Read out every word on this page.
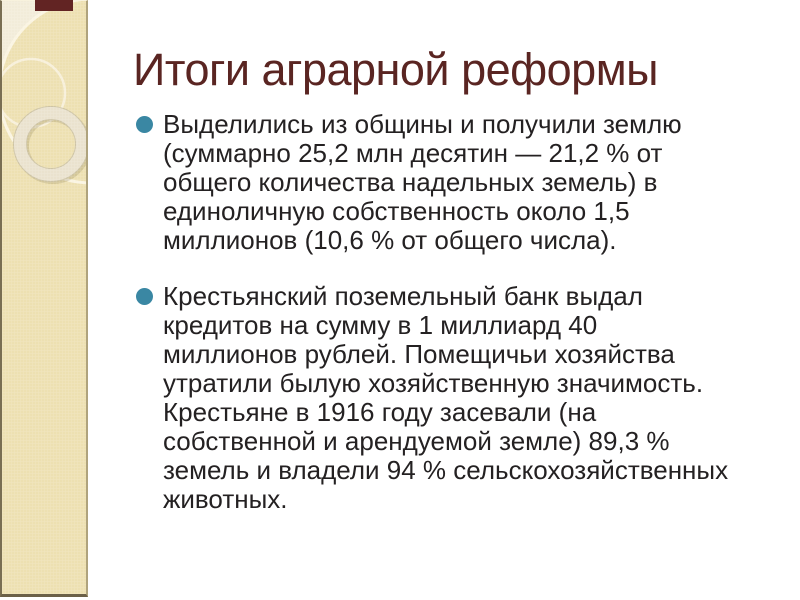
Итоги аграрной реформы
Выделились из общины и получили землю
(суммарно 25,2 млн десятин — 21,2 % от
общего количества надельных земель) в
единоличную собственность около 1,5
миллионов (10,6 % от общего числа).
Крестьянский поземельный банк выдал
кредитов на сумму в 1 миллиард 40
миллионов рублей. Помещичьи хозяйства
утратили былую хозяйственную значимость.
Крестьяне в 1916 году засевали (на
собственной и арендуемой земле) 89,3 %
земель и владели 94 % сельскохозяйственных
животных.
